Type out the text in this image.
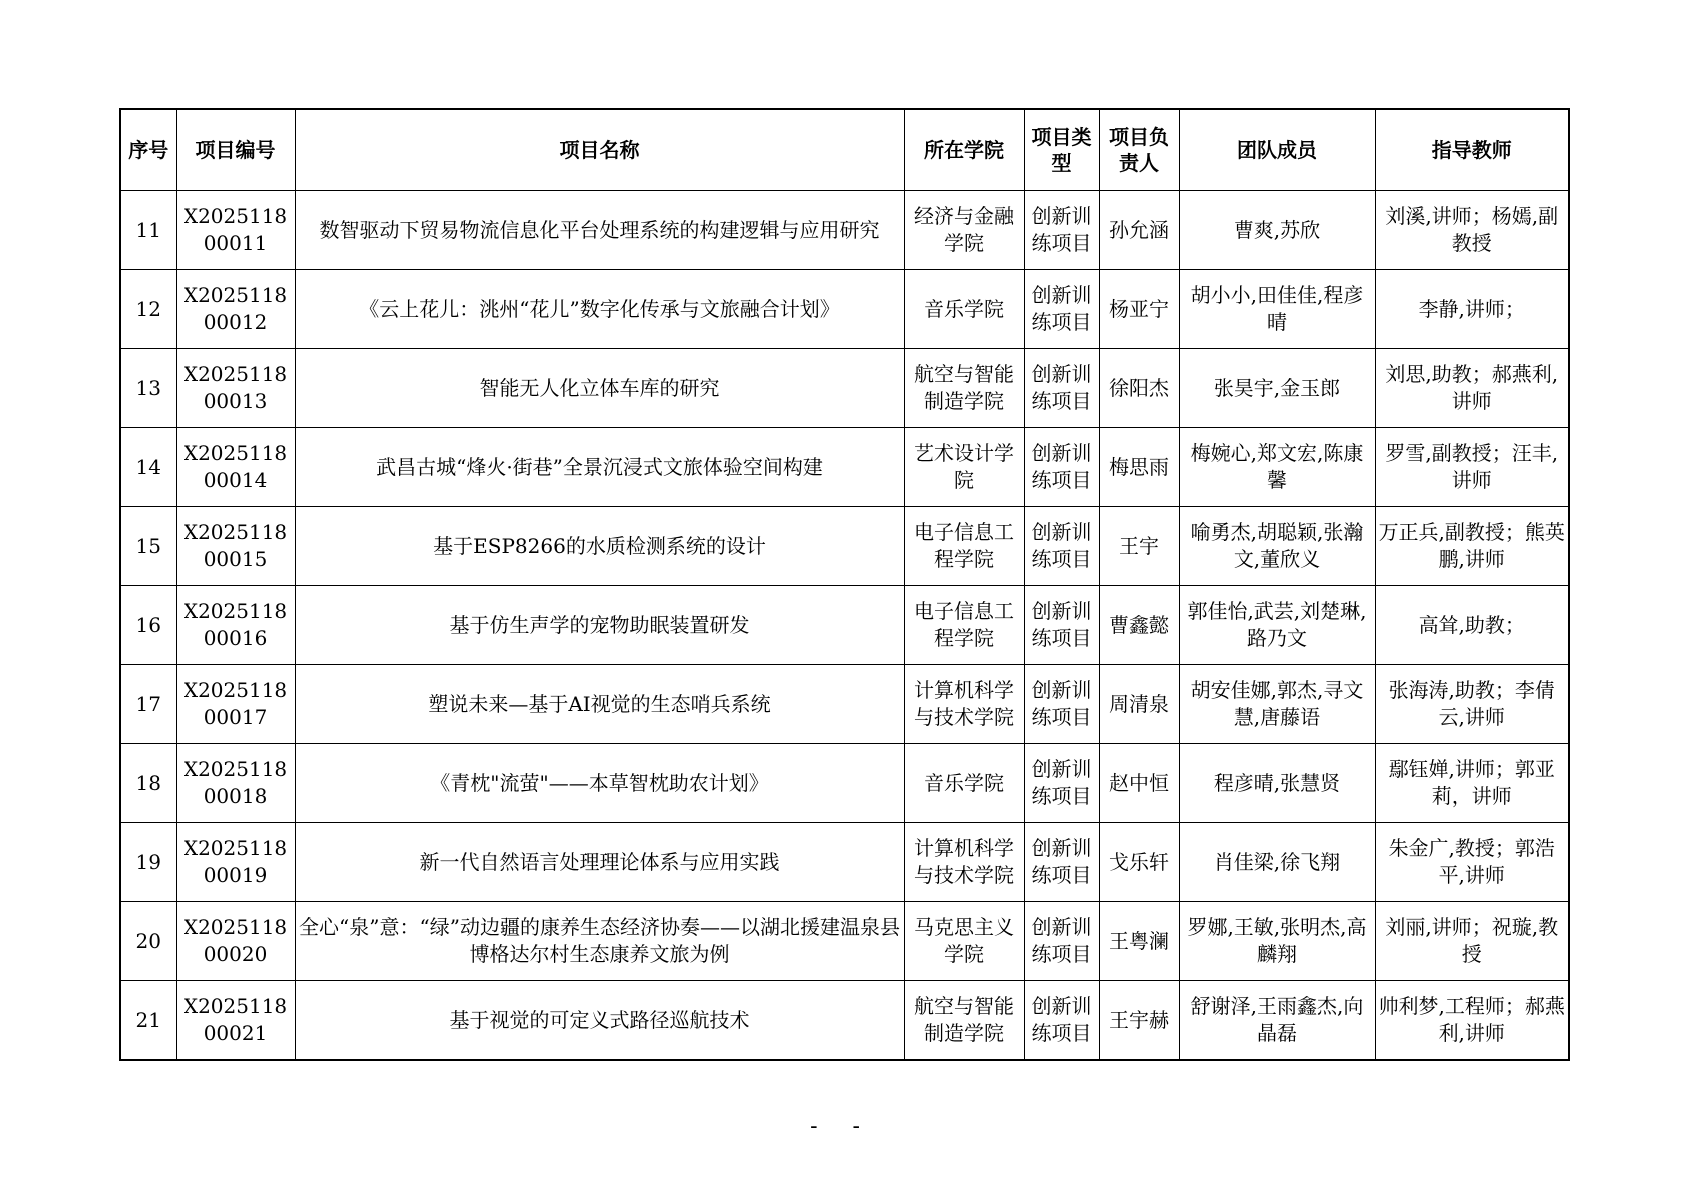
序号	项目编号	项目名称	所在学院	项目类型	项目负责人	团队成员	指导教师
11	X202511800011	数智驱动下贸易物流信息化平台处理系统的构建逻辑与应用研究	经济与金融学院	创新训练项目	孙允涵	曹爽,苏欣	刘溪,讲师；杨嫣,副教授
12	X202511800012	《云上花儿：洮州“花儿”数字化传承与文旅融合计划》	音乐学院	创新训练项目	杨亚宁	胡小小,田佳佳,程彦晴	李静,讲师；
13	X202511800013	智能无人化立体车库的研究	航空与智能制造学院	创新训练项目	徐阳杰	张昊宇,金玉郎	刘思,助教；郝燕利,讲师
14	X202511800014	武昌古城“烽火·街巷”全景沉浸式文旅体验空间构建	艺术设计学院	创新训练项目	梅思雨	梅婉心,郑文宏,陈康馨	罗雪,副教授；汪丰,讲师
15	X202511800015	基于ESP8266的水质检测系统的设计	电子信息工程学院	创新训练项目	王宇	喻勇杰,胡聪颖,张瀚文,董欣义	万正兵,副教授；熊英鹏,讲师
16	X202511800016	基于仿生声学的宠物助眠装置研发	电子信息工程学院	创新训练项目	曹鑫懿	郭佳怡,武芸,刘楚琳,路乃文	高耸,助教；
17	X202511800017	塑说未来—基于AI视觉的生态哨兵系统	计算机科学与技术学院	创新训练项目	周清泉	胡安佳娜,郭杰,寻文慧,唐藤语	张海涛,助教；李倩云,讲师
18	X202511800018	《青枕"流萤"——本草智枕助农计划》	音乐学院	创新训练项目	赵中恒	程彦晴,张慧贤	鄢钰婵,讲师；郭亚莉，讲师
19	X202511800019	新一代自然语言处理理论体系与应用实践	计算机科学与技术学院	创新训练项目	戈乐轩	肖佳梁,徐飞翔	朱金广,教授；郭浩平,讲师
20	X202511800020	全心“泉”意：“绿”动边疆的康养生态经济协奏——以湖北援建温泉县博格达尔村生态康养文旅为例	马克思主义学院	创新训练项目	王粤澜	罗娜,王敏,张明杰,高麟翔	刘丽,讲师；祝璇,教授
21	X202511800021	基于视觉的可定义式路径巡航技术	航空与智能制造学院	创新训练项目	王宇赫	舒谢泽,王雨鑫杰,向晶磊	帅利梦,工程师；郝燕利,讲师
- -
